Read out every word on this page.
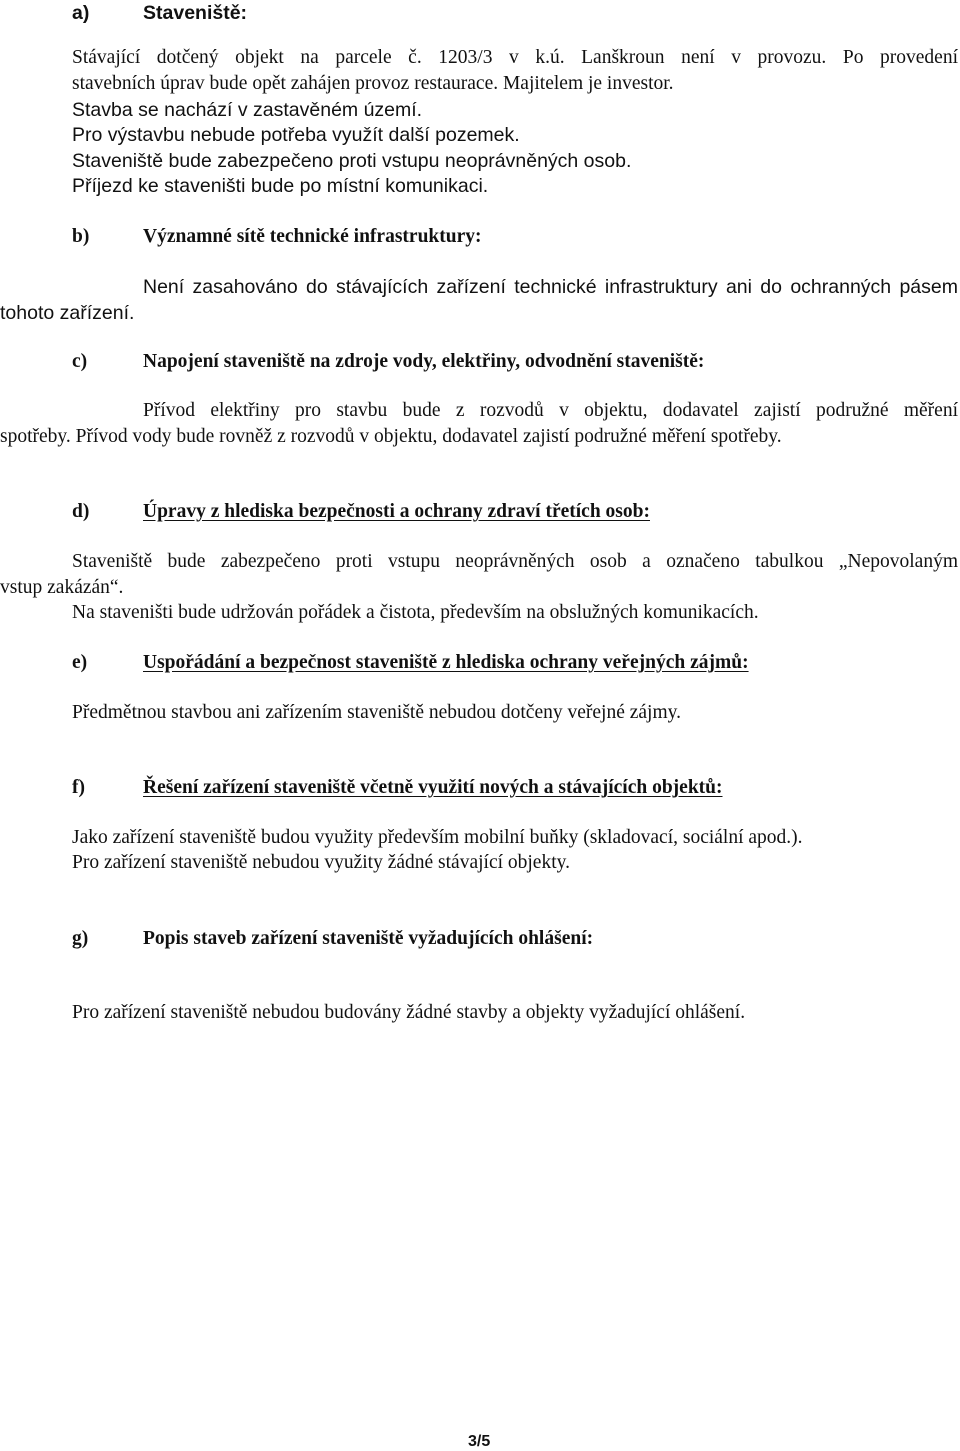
a)	Staveniště:
Stávající dotčený objekt na parcele č. 1203/3 v k.ú. Lanškroun není v provozu. Po provedení
stavebních úprav bude opět zahájen provoz restaurace. Majitelem je investor.
Stavba se nachází v zastavěném území.
Pro výstavbu nebude potřeba využít další pozemek.
Staveniště bude zabezpečeno proti vstupu neoprávněných osob.
Příjezd ke staveništi bude po místní komunikaci.
b)	Významné sítě technické infrastruktury:
Není zasahováno do stávajících zařízení technické infrastruktury ani do ochranných pásem
tohoto zařízení.
c)	Napojení staveniště na zdroje vody, elektřiny, odvodnění staveniště:
Přívod elektřiny pro stavbu bude z rozvodů v objektu, dodavatel zajistí podružné měření
spotřeby. Přívod vody bude rovněž z rozvodů v objektu, dodavatel zajistí podružné měření spotřeby.
d)	Úpravy z hlediska bezpečnosti a ochrany zdraví třetích osob:
Staveniště bude zabezpečeno proti vstupu neoprávněných osob a označeno tabulkou „Nepovolaným
vstup zakázán“.
Na staveništi bude udržován pořádek a čistota, především na obslužných komunikacích.
e)	Uspořádání a bezpečnost staveniště z hlediska ochrany veřejných zájmů:
Předmětnou stavbou ani zařízením staveniště nebudou dotčeny veřejné zájmy.
f)	Řešení zařízení staveniště včetně využití nových a stávajících objektů:
Jako zařízení staveniště budou využity především mobilní buňky (skladovací, sociální apod.).
Pro zařízení staveniště nebudou využity žádné stávající objekty.
g)	Popis staveb zařízení staveniště vyžadujících ohlášení:
Pro zařízení staveniště nebudou budovány žádné stavby a objekty vyžadující ohlášení.
3/5
